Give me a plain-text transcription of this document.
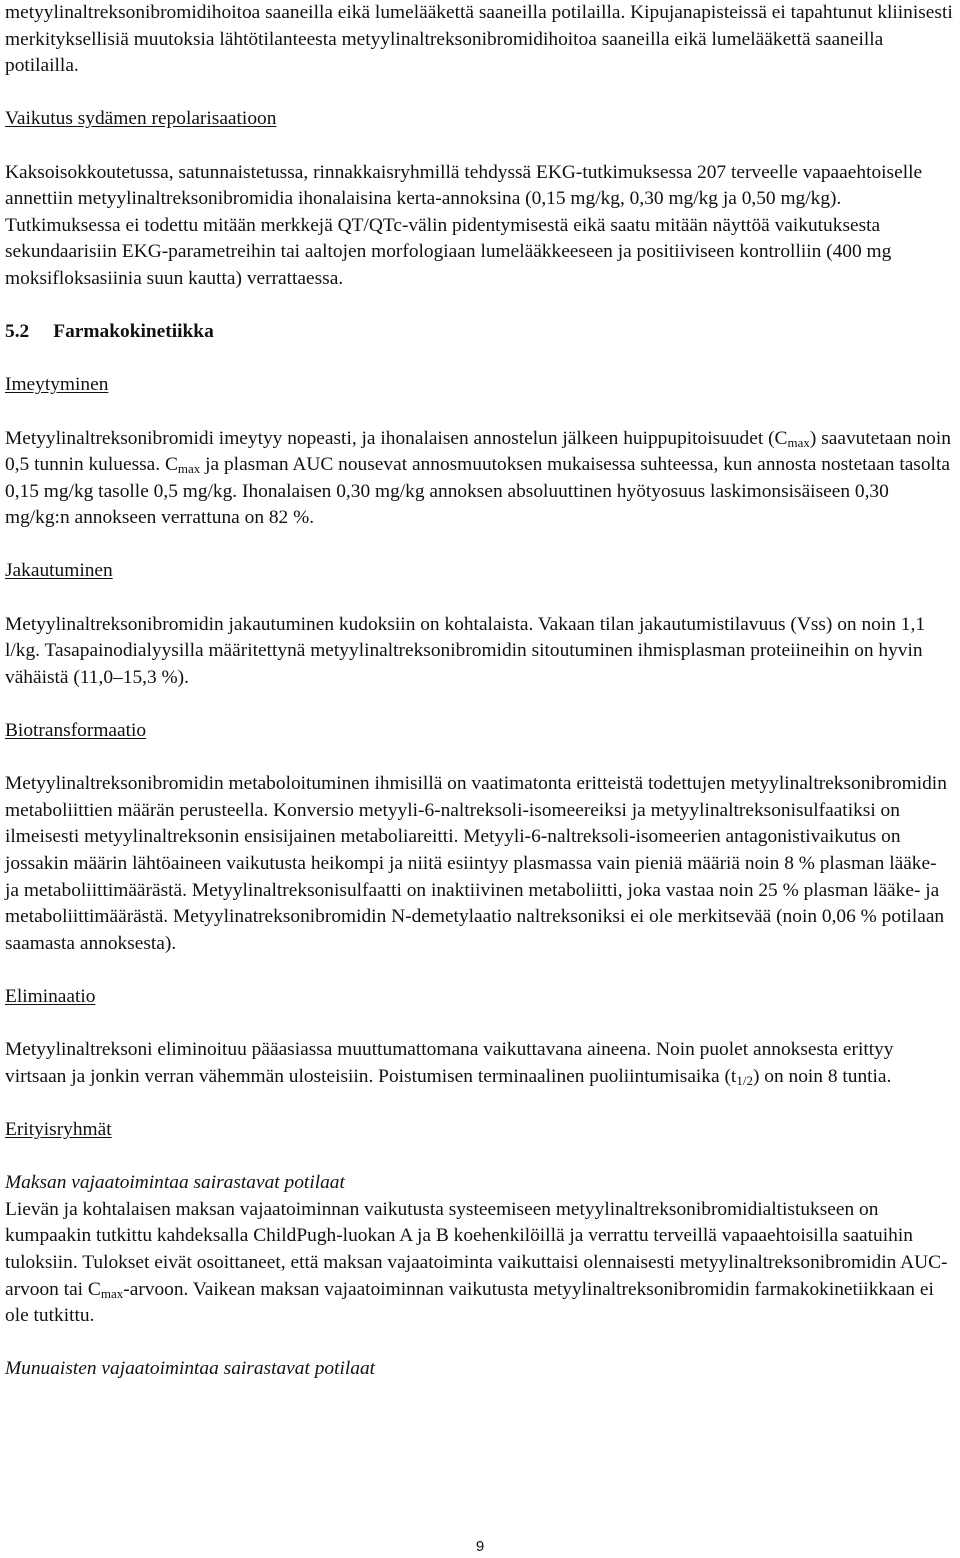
metyylinaltreksonibromidihoitoa saaneilla eikä lumelääkettä saaneilla potilailla. Kipujanapisteissä ei tapahtunut kliinisesti merkityksellisiä muutoksia lähtötilanteesta metyylinaltreksonibromidihoitoa saaneilla eikä lumelääkettä saaneilla potilailla.

Vaikutus sydämen repolarisaatioon

Kaksoisokkoutetussa, satunnaistetussa, rinnakkaisryhmillä tehdyssä EKG-tutkimuksessa 207 terveelle vapaaehtoiselle annettiin metyylinaltreksonibromidia ihonalaisina kerta-annoksina (0,15 mg/kg, 0,30 mg/kg ja 0,50 mg/kg). Tutkimuksessa ei todettu mitään merkkejä QT/QTc-välin pidentymisestä eikä saatu mitään näyttöä vaikutuksesta sekundaarisiin EKG-parametreihin tai aaltojen morfologiaan lumelääkkeeseen ja positiiviseen kontrolliin (400 mg moksifloksasiinia suun kautta) verrattaessa.

5.2 Farmakokinetiikka

Imeytyminen

Metyylinaltreksonibromidi imeytyy nopeasti, ja ihonalaisen annostelun jälkeen huippupitoisuudet $(C_{max})$ saavutetaan noin 0,5 tunnin kuluessa. $C_{max}$ ja plasman AUC nousevat annosmuutoksen mukaisessa suhteessa, kun annosta nostetaan tasolta 0,15 mg/kg tasolle 0,5 mg/kg. Ihonalaisen 0,30 mg/kg annoksen absoluuttinen hyötyosuus laskimonsisäiseen 0,30 mg/kg:n annokseen verrattuna on 82 %.

Jakautuminen

Metyylinaltreksonibromidin jakautuminen kudoksiin on kohtalaista. Vakaan tilan jakautumistilavuus (Vss) on noin 1,1 l/kg. Tasapainodialyysilla määritettynä metyylinaltreksonibromidin sitoutuminen ihmisplasman proteiineihin on hyvin vähäistä (11,0–15,3 %).

Biotransformaatio

Metyylinaltreksonibromidin metaboloituminen ihmisillä on vaatimatonta eritteistä todettujen metyylinaltreksonibromidin metaboliittien määrän perusteella. Konversio metyyli-6-naltreksoli-isomeereiksi ja metyylinaltreksonisulfaatiksi on ilmeisesti metyylinaltreksonin ensisijainen metaboliareitti. Metyyli-6-naltreksoli-isomeerien antagonistivaikutus on jossakin määrin lähtöaineen vaikutusta heikompi ja niitä esiintyy plasmassa vain pieniä määriä noin 8 % plasman lääke- ja metaboliittimäärästä. Metyylinaltreksonisulfaatti on inaktiivinen metaboliitti, joka vastaa noin 25 % plasman lääke- ja metaboliittimäärästä. Metyylinatreksonibromidin N-demetylaatio naltreksoniksi ei ole merkitsevää (noin 0,06 % potilaan saamasta annoksesta).

Eliminaatio

Metyylinaltreksoni eliminoituu pääasiassa muuttumattomana vaikuttavana aineena. Noin puolet annoksesta erittyy virtsaan ja jonkin verran vähemmän ulosteisiin. Poistumisen terminaalinen puoliintumisaika $(t_{1/2})$ on noin 8 tuntia.

Erityisryhmät

Maksan vajaatoimintaa sairastavat potilaat

Lievän ja kohtalaisen maksan vajaatoiminnan vaikutusta systeemiseen metyylinaltreksonibromidialtistukseen on kumpaakin tutkittu kahdeksalla ChildPugh-luokan A ja B koehenkilöillä ja verrattu terveillä vapaaehtoisilla saatuihin tuloksiin. Tulokset eivät osoittaneet, että maksan vajaatoiminta vaikuttaisi olennaisesti metyylinaltreksonibromidin AUC-arvoon tai $C_{max}$-arvoon. Vaikean maksan vajaatoiminnan vaikutusta metyylinaltreksonibromidin farmakokinetiikkaan ei ole tutkittu.

Munuaisten vajaatoimintaa sairastavat potilaat

9
